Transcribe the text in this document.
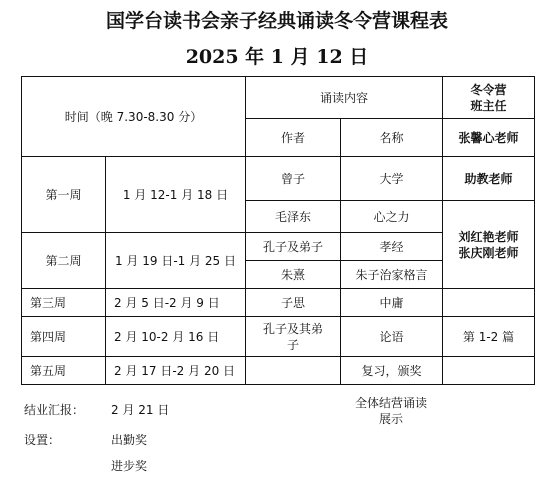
国学台读书会亲子经典诵读冬令营课程表
2025 年 1 月 12 日
时间（晚 7.30-8.30 分）		诵读内容		冬令营
班主任
		作者	名称	张馨心老师
第一周	1 月 12-1 月 18 日	曾子	大学	助教老师
		毛泽东	心之力	刘红艳老师
张庆刚老师
第二周	1 月 19 日-1 月 25 日	孔子及弟子	孝经	
		朱熹	朱子治家格言	
第三周	2 月 5 日-2 月 9 日	子思	中庸	
第四周	2 月 10-2 月 16 日	孔子及其弟
子	论语	第 1-2 篇
第五周	2 月 17 日-2 月 20 日		复习，颁奖	
结业汇报： 2 月 21 日	全体结营诵读
展示
设置：	出勤奖
进步奖
